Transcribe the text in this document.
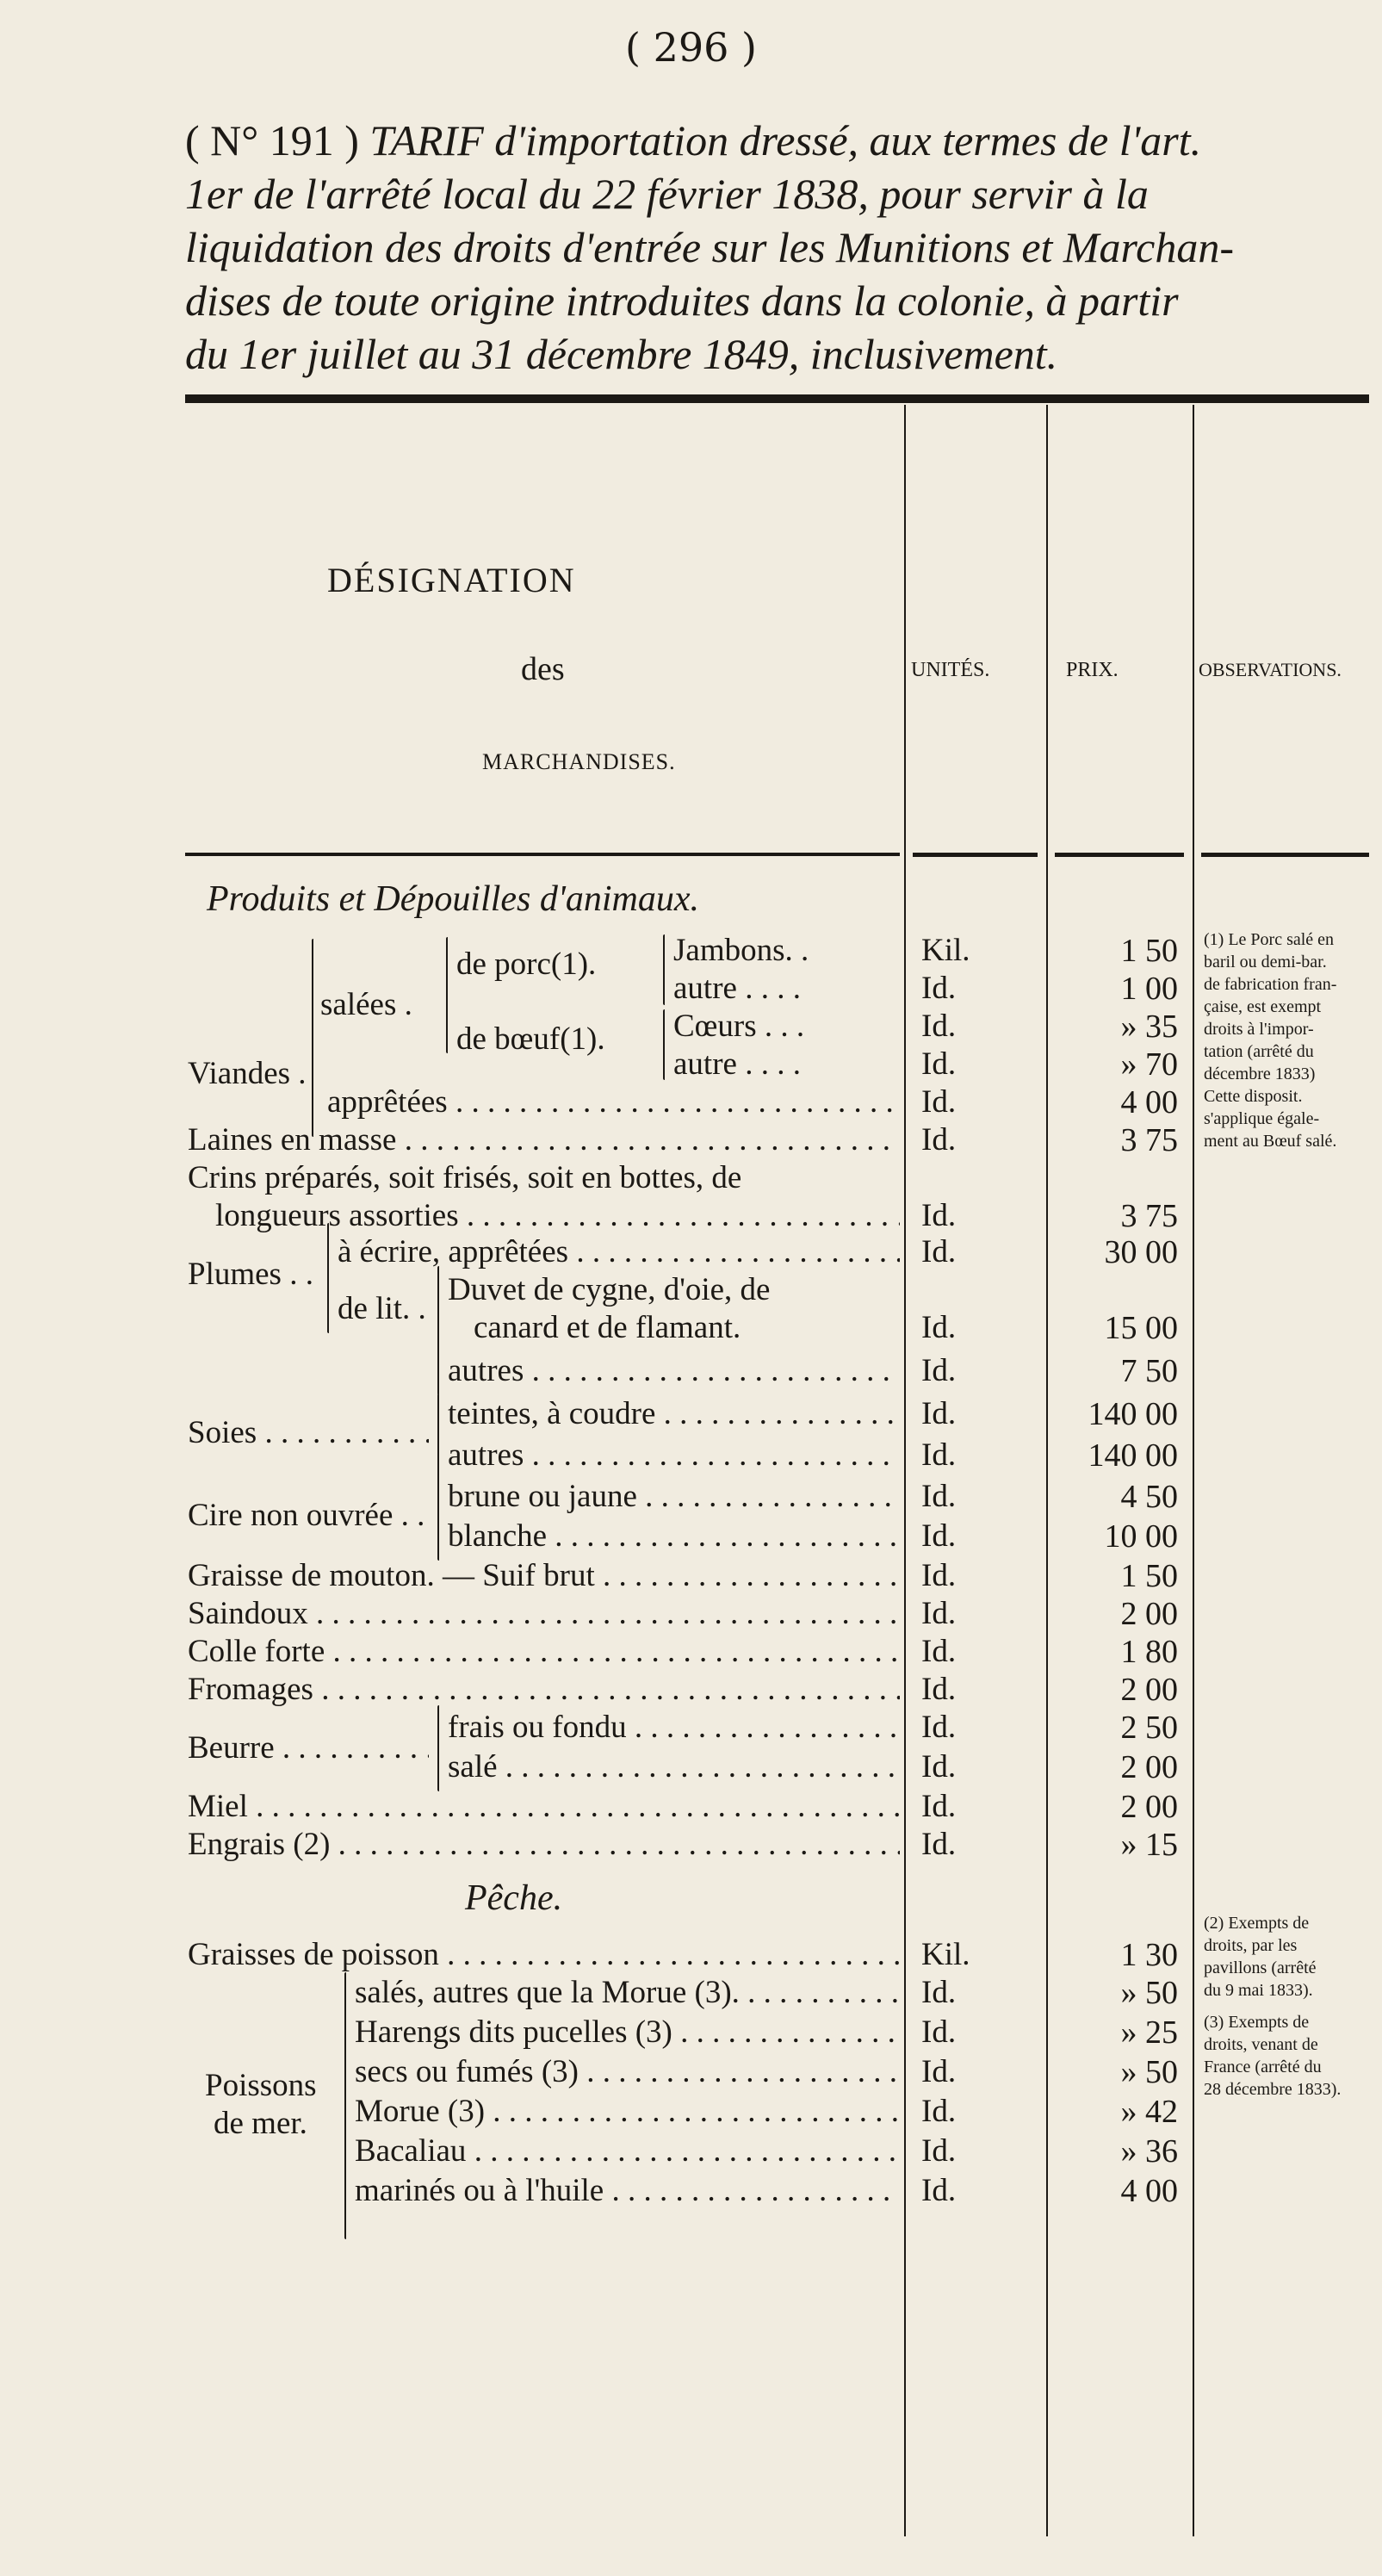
( 296 )
( N° 191 ) TARIF d'importation dressé, aux termes de l'art.
1er de l'arrêté local du 22 février 1838, pour servir à la
liquidation des droits d'entrée sur les Munitions et Marchan-
dises de toute origine introduites dans la colonie, à partir
du 1er juillet au 31 décembre 1849, inclusivement.
DÉSIGNATION
des
MARCHANDISES.
UNITÉS.	PRIX.	OBSERVATIONS.
Produits et Dépouilles d'animaux.
Viandes .
salées .
de porc(1).
de bœuf(1).
Jambons. .
autre . . . .
Cœurs . . .
autre . . . .
apprêtées . . .
Laines en masse . . .
Crins préparés, soit frisés, soit en bottes, de
longueurs assorties . . .
Plumes . .
à écrire, apprêtées . . .
de lit. .
Duvet de cygne, d'oie, de
canard et de flamant.
autres . . .
Soies . . .
teintes, à coudre . . .
autres . . .
Cire non ouvrée . .
brune ou jaune . . .
blanche . . .
Graisse de mouton. — Suif brut . . .
Saindoux . . .
Colle forte . . .
Fromages . . .
Beurre . . .
frais ou fondu . . .
salé . . .
Miel . . .
Engrais (2) . . .
Pêche.
Graisses de poisson . . .
Poissons
de mer.
salés, autres que la Morue (3). . . . . . .
Harengs dits pucelles (3) . . .
secs ou fumés (3) . . .
Morue (3) . . .
Bacaliau . . .
marinés ou à l'huile . . .
Kil.
Id.
Id.
Id.
Id.
Id.
Id.
Id.
Id.
Id.
Id.
Id.
Id.
Id.
Id.
Id.
Id.
Id.
Id.
Id.
Id.
Id.
Kil.
Id.
Id.
Id.
Id.
Id.
Id.
1 50
1 00
» 35
» 70
4 00
3 75
3 75
30 00
15 00
7 50
140 00
140 00
4 50
10 00
1 50
2 00
1 80
2 00
2 50
2 00
2 00
» 15
1 30
» 50
» 25
» 50
» 42
» 36
4 00
(1) Le Porc salé en
baril ou demi-bar.
de fabrication fran-
çaise, est exempt
droits à l'impor-
tation (arrêté du
décembre 1833)
Cette disposit.
s'applique égale-
ment au Bœuf salé.
(2) Exempts de
droits, par les
pavillons (arrêté
du 9 mai 1833).
(3) Exempts de
droits, venant de
France (arrêté du
28 décembre 1833).
